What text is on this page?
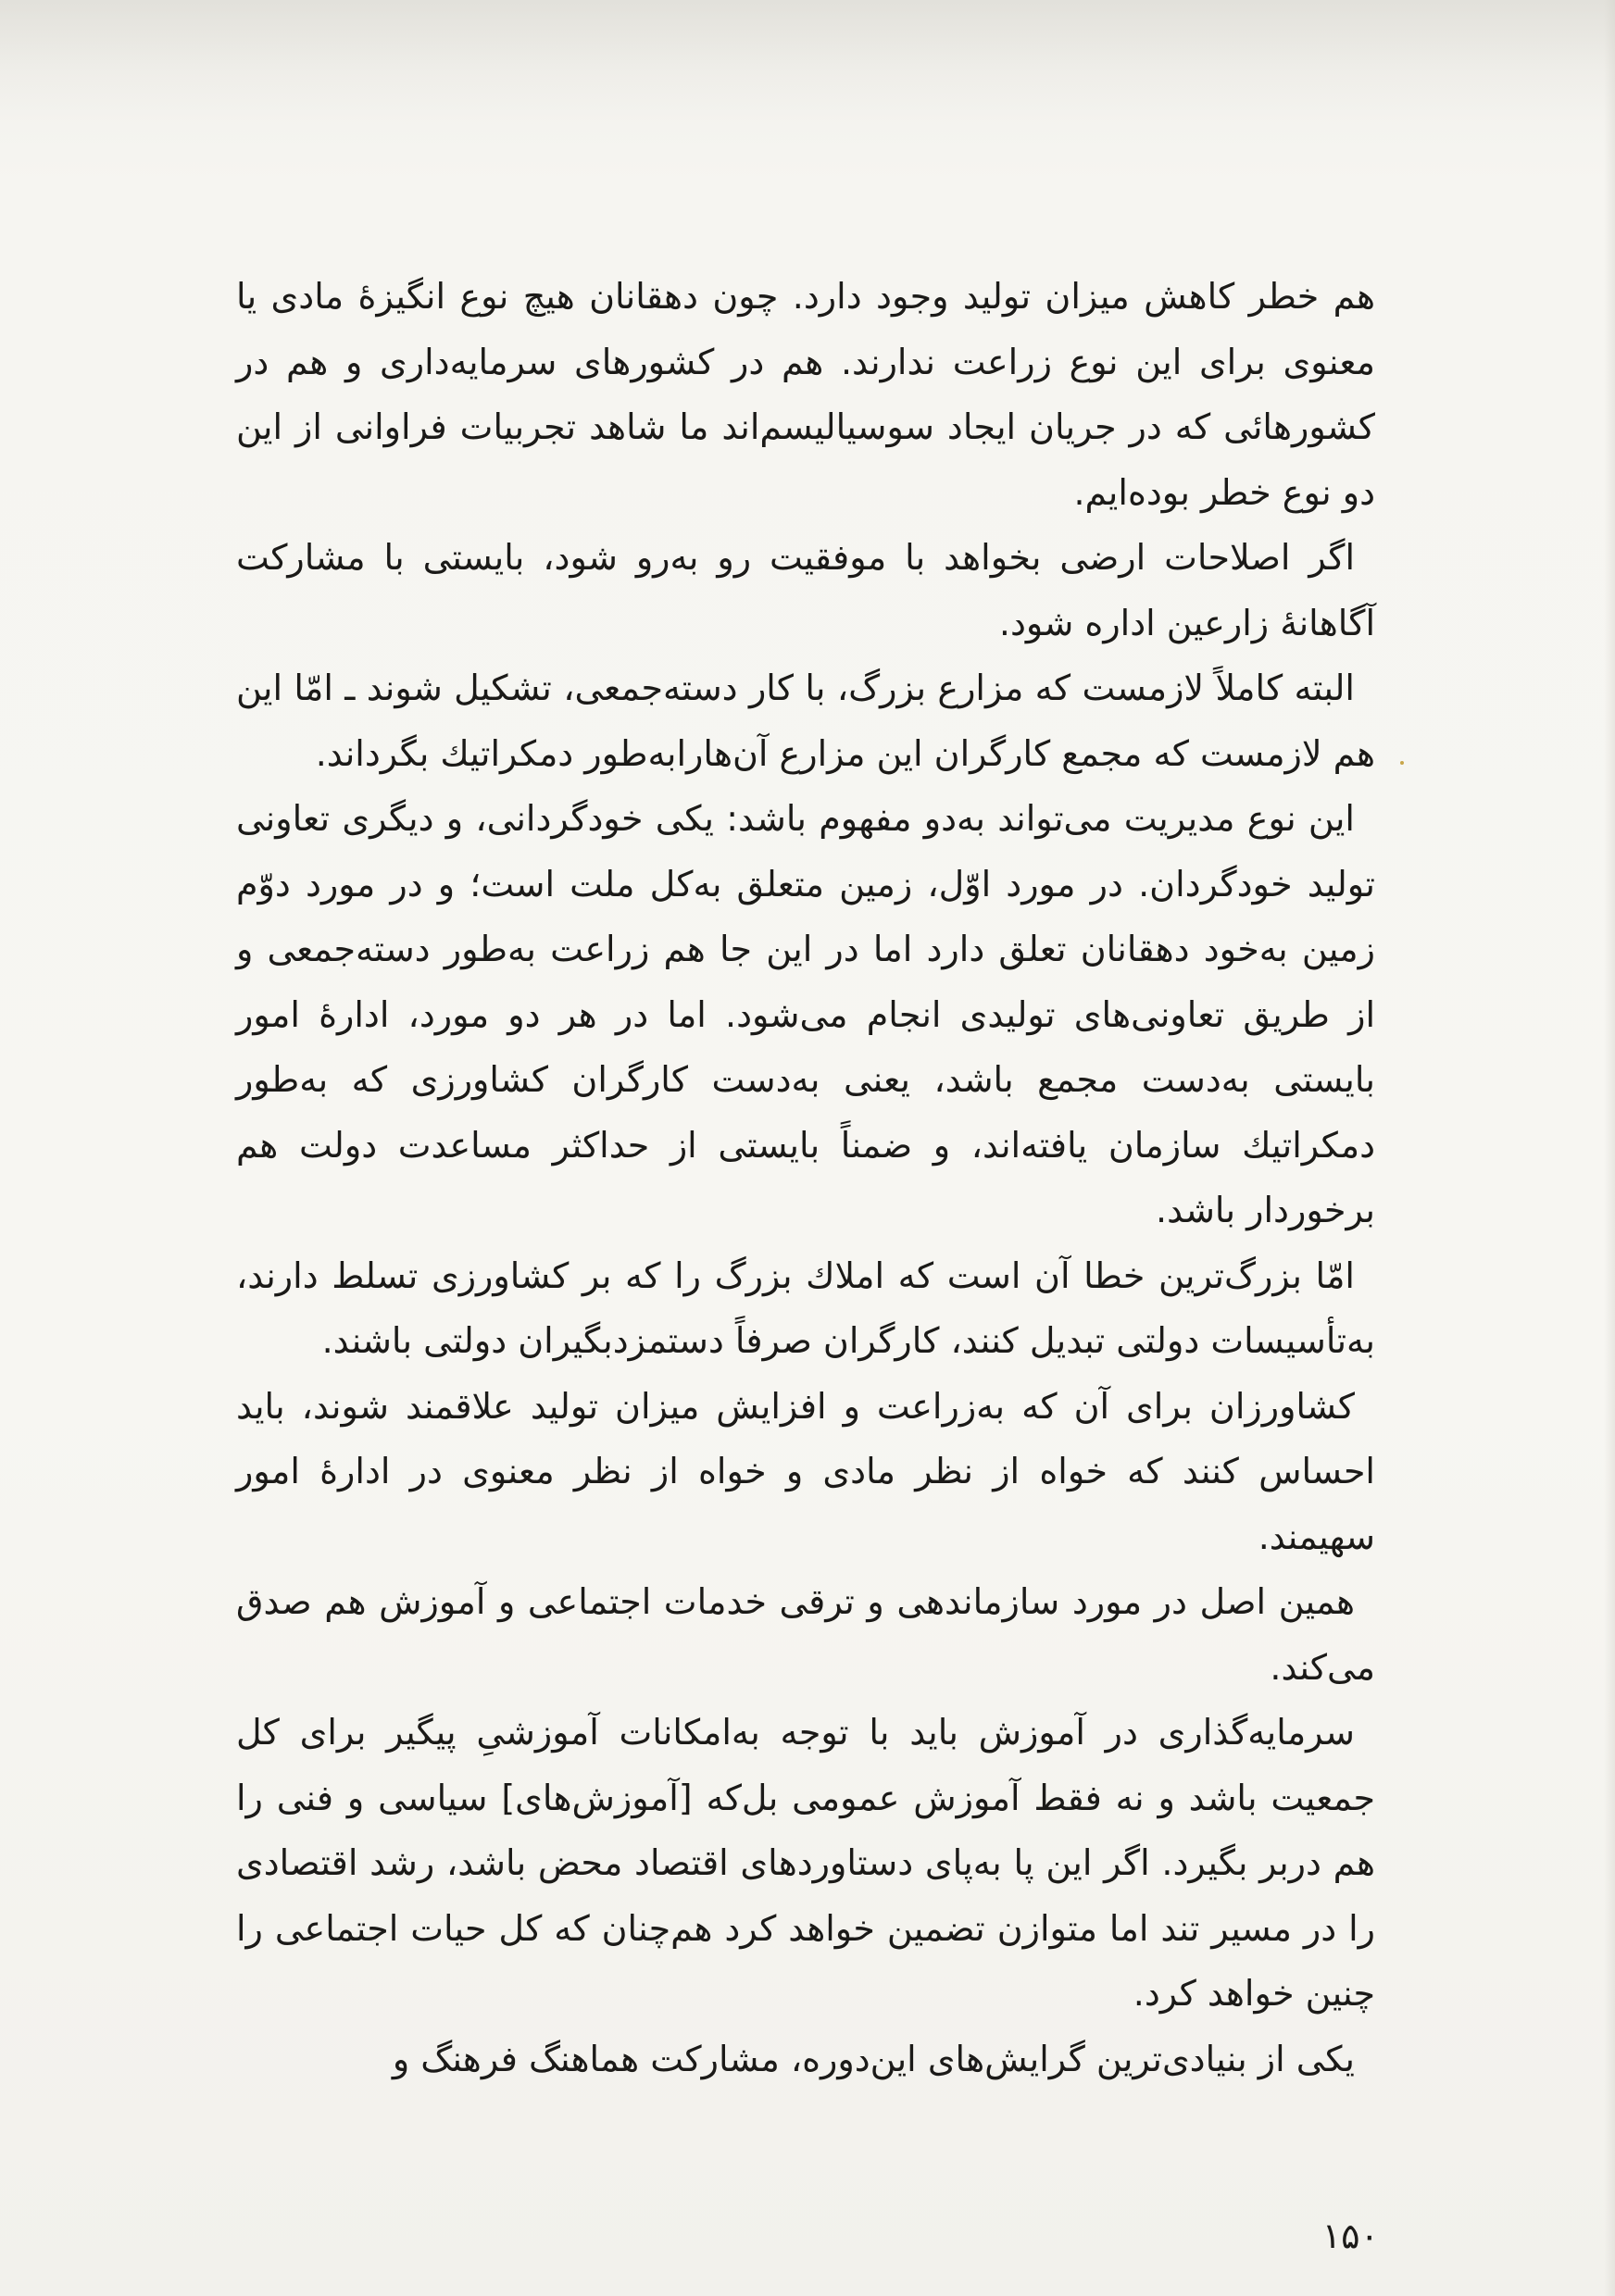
هم خطر کاهش میزان تولید وجود دارد. چون دهقانان هیچ نوع انگیزهٔ مادی یا معنوی برای این نوع زراعت ندارند. هم در کشورهای سرمایه‌داری و هم در کشورهائی که در جریان ایجاد سوسیالیسم‌اند ما شاهد تجربیات فراوانی از این دو نوع خطر بوده‌ایم.

اگر اصلاحات ارضی بخواهد با موفقیت رو به‌رو شود، بایستی با مشارکت آگاهانهٔ زارعین اداره شود.

البته کاملاً لازمست که مزارع بزرگ، با کار دسته‌جمعی، تشکیل شوند ـ امّا این هم لازمست که مجمع کارگران این مزارع آن‌هارابه‌طور دمکراتیك بگرداند.

این نوع مدیریت می‌تواند به‌دو مفهوم باشد: یکی خودگردانی، و دیگری تعاونی تولید خودگردان. در مورد اوّل، زمین متعلق به‌کل ملت است؛ و در مورد دوّم زمین به‌خود دهقانان تعلق دارد اما در این جا هم زراعت به‌طور دسته‌جمعی و از طریق تعاونی‌های تولیدی انجام می‌شود. اما در هر دو مورد، ادارهٔ امور بایستی به‌دست مجمع باشد، یعنی به‌دست کارگران کشاورزی که به‌طور دمکراتیك سازمان یافته‌اند، و ضمناً بایستی از حداکثر مساعدت دولت هم برخوردار باشد.

امّا بزرگ‌ترین خطا آن است که املاك بزرگ را که بر کشاورزی تسلط دارند، به‌تأسیسات دولتی تبدیل کنند، کارگران صرفاً دستمزدبگیران دولتی باشند.

کشاورزان برای آن که به‌زراعت و افزایش میزان تولید علاقمند شوند، باید احساس کنند که خواه از نظر مادی و خواه از نظر معنوی در ادارهٔ امور سهیمند.

همین اصل در مورد سازماندهی و ترقی خدمات اجتماعی و آموزش هم صدق می‌کند.

سرمایه‌گذاری در آموزش باید با توجه به‌امکانات آموزشیِ پیگیر برای کل جمعیت باشد و نه فقط آموزش عمومی بل‌که [آموزش‌های] سیاسی و فنی را هم دربر بگیرد. اگر این پا به‌پای دستاوردهای اقتصاد محض باشد، رشد اقتصادی را در مسیر تند اما متوازن تضمین خواهد کرد هم‌چنان که کل حیات اجتماعی را چنین خواهد کرد.

یکی از بنیادی‌ترین گرایش‌های این‌دوره، مشارکت هماهنگ فرهنگ و

۱۵۰
